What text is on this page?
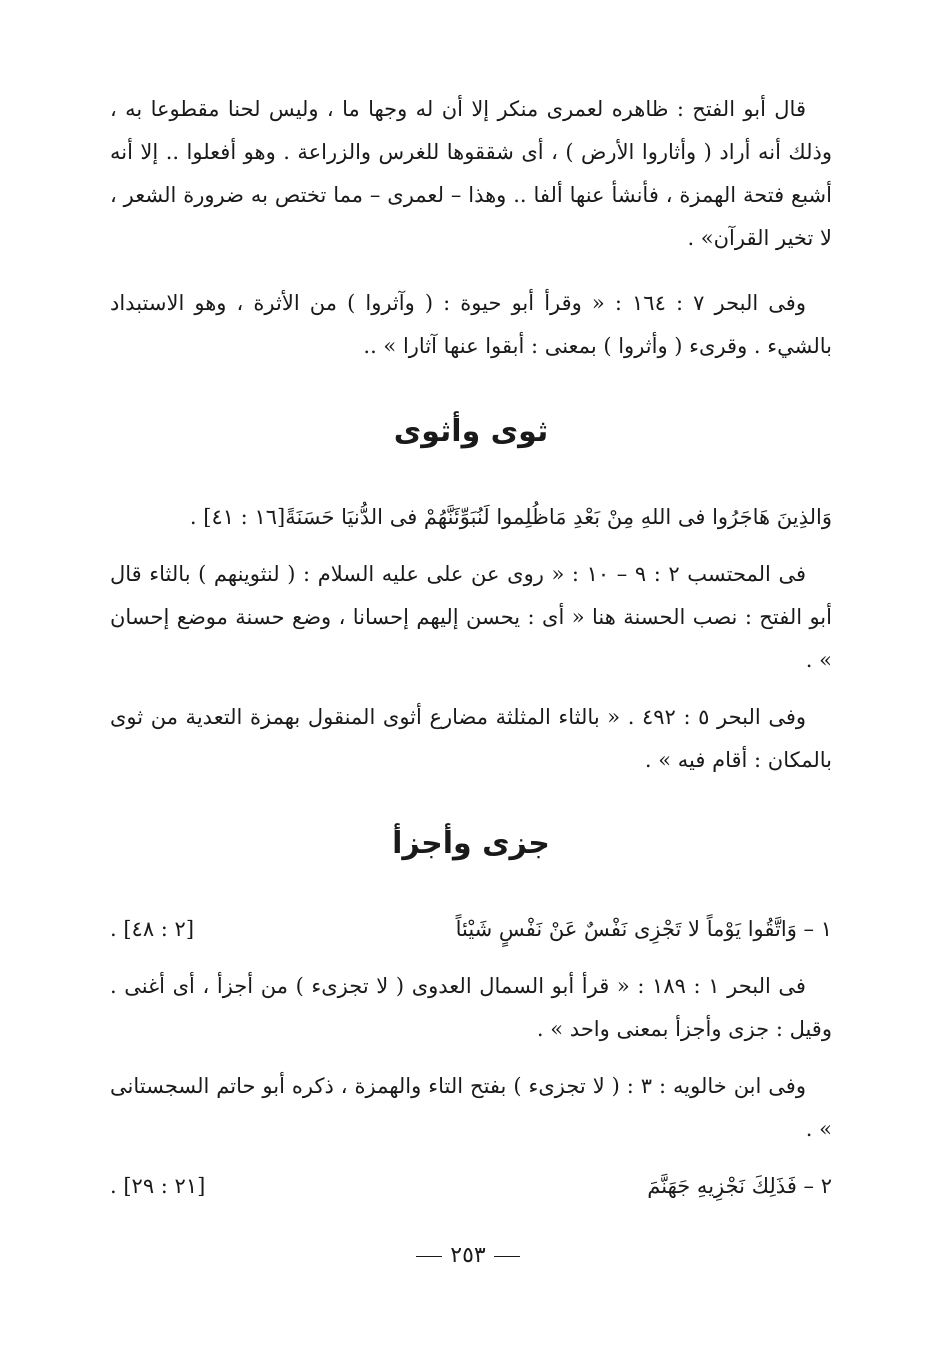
قال أبو الفتح : ظاهره لعمرى منكر إلا أن له وجها ما ، وليس لحنا مقطوعا به ، وذلك أنه أراد ( وأثاروا الأرض ) ، أى شققوها للغرس والزراعة . وهو أفعلوا .. إلا أنه أشبع فتحة الهمزة ، فأنشأ عنها ألفا .. وهذا – لعمرى – مما تختص به ضرورة الشعر ، لا تخير القرآن» .

وفى البحر ٧ : ١٦٤ : « وقرأ أبو حيوة : ( وآثروا ) من الأثرة ، وهو الاستبداد بالشيء . وقرىء ( وأثروا ) بمعنى : أبقوا عنها آثارا » ..

ثوى وأثوى

وَالذِينَ هَاجَرُوا فى اللهِ مِنْ بَعْدِ مَاظُلِموا لَنُبَوِّئَنَّهُمْ فى الدُّنيَا حَسَنَةً[١٦ : ٤١] .

فى المحتسب ٢ : ٩ – ١٠ : « روى عن على عليه السلام : ( لنثوينهم ) بالثاء قال أبو الفتح : نصب الحسنة هنا « أى : يحسن إليهم إحسانا ، وضع حسنة موضع إحسان » .

وفى البحر ٥ : ٤٩٢ . « بالثاء المثلثة مضارع أثوى المنقول بهمزة التعدية من ثوى بالمكان : أقام فيه » .

جزى وأجزأ
١ – وَاتَّقُوا يَوْماً لا تَجْزِى نَفْسٌ عَنْ نَفْسٍ شَيْئاً
[٢ : ٤٨] .

فى البحر ١ : ١٨٩ : « قرأ أبو السمال العدوى ( لا تجزىء ) من أجزأ ، أى أغنى . وقيل : جزى وأجزأ بمعنى واحد » .

وفى ابن خالويه : ٣ : ( لا تجزىء ) بفتح التاء والهمزة ، ذكره أبو حاتم السجستانى » .

٢ – فَذَلِكَ نَجْزِيهِ جَهَنَّمَ
[٢١ : ٢٩] .
٢٥٣
